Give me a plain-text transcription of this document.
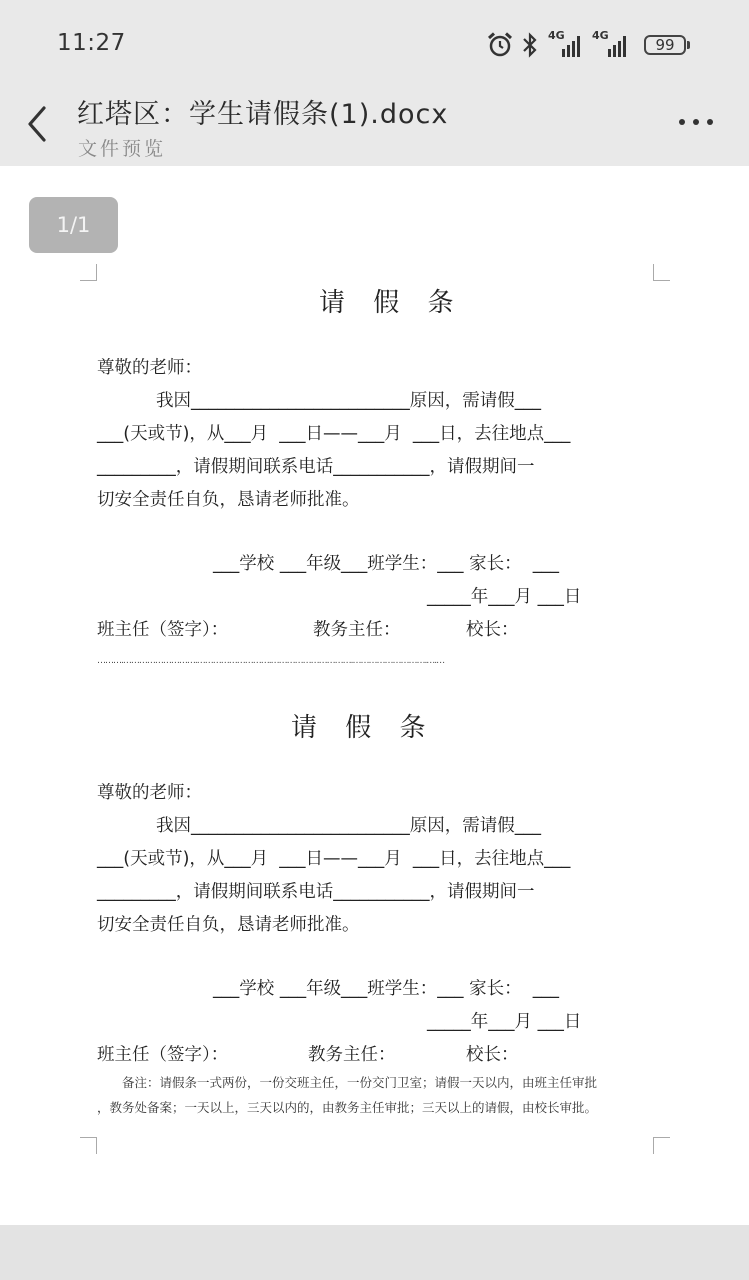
11:27	4G 4G
99
红塔区：学生请假条(1).docx
文件预览
1/1
请 假 条
尊敬的老师：
我因_________________________原因，需请假___
___(天或节)，从___月  ___日——___月  ___日，去往地点___
_________，请假期间联系电话___________，请假期间一
切安全责任自负，恳请老师批准。
___学校 ___年级___班学生：___ 家长：  ___
_____年___月 ___日
班主任（签字）：	教务主任：	校长：
……….……………………….……………………….………………………….……………………….….…
请 假 条
尊敬的老师：
我因_________________________原因，需请假___
___(天或节)，从___月  ___日——___月  ___日，去往地点___
_________，请假期间联系电话___________，请假期间一
切安全责任自负，恳请老师批准。
___学校 ___年级___班学生：___ 家长：  ___
_____年___月 ___日
班主任（签字）：	教务主任：	校长：
备注：请假条一式两份，一份交班主任，一份交门卫室；请假一天以内，由班主任审批
，教务处备案；一天以上，三天以内的，由教务主任审批；三天以上的请假，由校长审批。
